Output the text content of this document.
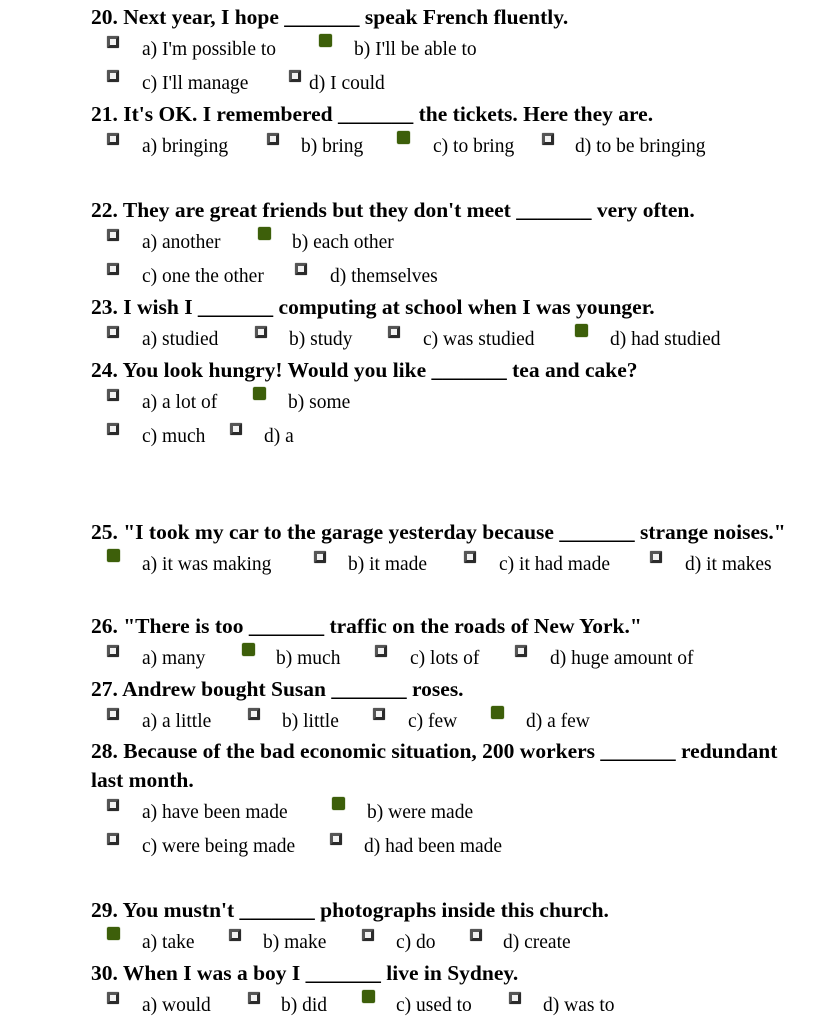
20. Next year, I hope _______ speak French fluently.

a) I'm possible to	b) I'll be able to
c) I'll manage	d) I could

21. It's OK. I remembered _______ the tickets. Here they are.

a) bringing	b) bring	c) to bring	d) to be bringing

22. They are great friends but they don't meet _______ very often.

a) another	b) each other
c) one the other	d) themselves

23. I wish I _______ computing at school when I was younger.

a) studied	b) study	c) was studied	d) had studied

24. You look hungry! Would you like _______ tea and cake?

a) a lot of	b) some
c) much	d) a

25. "I took my car to the garage yesterday because _______ strange noises."

a) it was making	b) it made	c) it had made	d) it makes

26. "There is too _______ traffic on the roads of New York."

a) many	b) much	c) lots of	d) huge amount of

27. Andrew bought Susan _______ roses.

a) a little	b) little	c) few	d) a few

28. Because of the bad economic situation, 200 workers _______ redundant last month.

a) have been made	b) were made
c) were being made	d) had been made

29. You mustn't _______ photographs inside this church.

a) take	b) make	c) do	d) create

30. When I was a boy I _______ live in Sydney.

a) would	b) did	c) used to	d) was to
